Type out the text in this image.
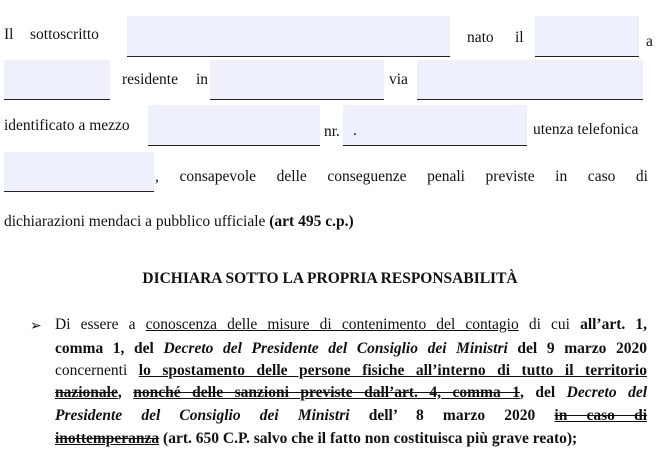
Il sottoscritto	nato il	a
residente in	via
identificato a mezzo	nr. .	utenza telefonica
, consapevole delle conseguenze penali previste in caso di
dichiarazioni mendaci a pubblico ufficiale (art 495 c.p.)
DICHIARA SOTTO LA PROPRIA RESPONSABILITÀ
➢ Di essere a conoscenza delle misure di contenimento del contagio di cui all’art. 1,
comma 1, del Decreto del Presidente del Consiglio dei Ministri del 9 marzo 2020
concernenti lo spostamento delle persone fisiche all’interno di tutto il territorio
nazionale, nonché delle sanzioni previste dall’art. 4, comma 1, del Decreto del
Presidente del Consiglio dei Ministri dell’ 8 marzo 2020 in caso di
inottemperanza (art. 650 C.P. salvo che il fatto non costituisca più grave reato);
